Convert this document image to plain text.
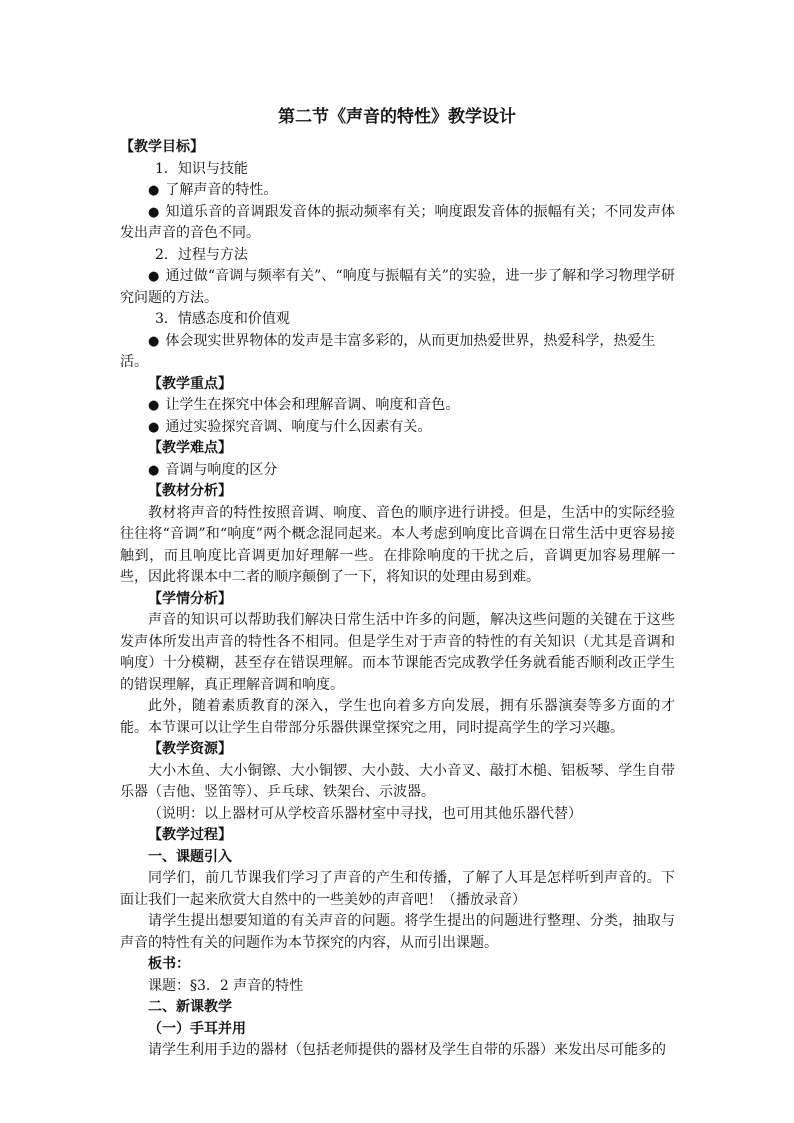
第二节《声音的特性》教学设计

【教学目标】

1．知识与技能

● 了解声音的特性。

● 知道乐音的音调跟发音体的振动频率有关；响度跟发音体的振幅有关；不同发声体发出声音的音色不同。

2．过程与方法

● 通过做“音调与频率有关”、“响度与振幅有关”的实验，进一步了解和学习物理学研究问题的方法。

3．情感态度和价值观

● 体会现实世界物体的发声是丰富多彩的，从而更加热爱世界，热爱科学，热爱生活。

【教学重点】

● 让学生在探究中体会和理解音调、响度和音色。

● 通过实验探究音调、响度与什么因素有关。

【教学难点】

● 音调与响度的区分

【教材分析】

教材将声音的特性按照音调、响度、音色的顺序进行讲授。但是，生活中的实际经验往往将“音调”和“响度”两个概念混同起来。本人考虑到响度比音调在日常生活中更容易接触到，而且响度比音调更加好理解一些。在排除响度的干扰之后，音调更加容易理解一些，因此将课本中二者的顺序颠倒了一下，将知识的处理由易到难。

【学情分析】

声音的知识可以帮助我们解决日常生活中许多的问题，解决这些问题的关键在于这些发声体所发出声音的特性各不相同。但是学生对于声音的特性的有关知识（尤其是音调和响度）十分模糊，甚至存在错误理解。而本节课能否完成教学任务就看能否顺利改正学生的错误理解，真正理解音调和响度。

此外，随着素质教育的深入，学生也向着多方向发展，拥有乐器演奏等多方面的才能。本节课可以让学生自带部分乐器供课堂探究之用，同时提高学生的学习兴趣。

【教学资源】

大小木鱼、大小铜镲、大小铜锣、大小鼓、大小音叉、敲打木槌、铝板琴、学生自带乐器（吉他、竖笛等）、乒乓球、铁架台、示波器。

（说明：以上器材可从学校音乐器材室中寻找，也可用其他乐器代替）

【教学过程】

一、课题引入

同学们，前几节课我们学习了声音的产生和传播，了解了人耳是怎样听到声音的。下面让我们一起来欣赏大自然中的一些美妙的声音吧！（播放录音）

请学生提出想要知道的有关声音的问题。将学生提出的问题进行整理、分类，抽取与声音的特性有关的问题作为本节探究的内容，从而引出课题。

板书：

课题：§3．2 声音的特性

二、新课教学

（一）手耳并用

请学生利用手边的器材（包括老师提供的器材及学生自带的乐器）来发出尽可能多的
